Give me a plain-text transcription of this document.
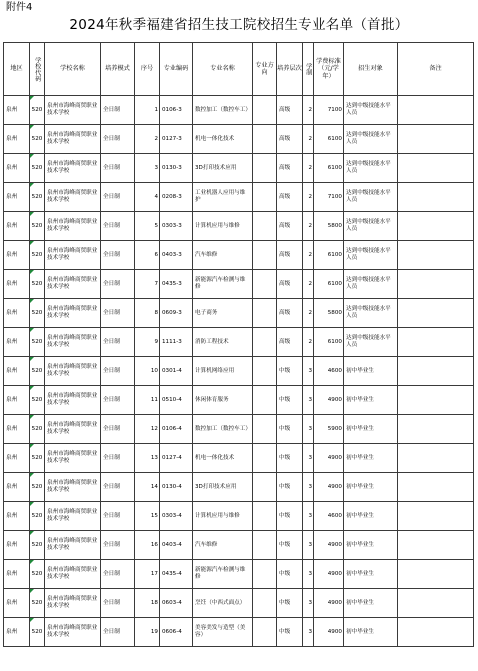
附件4
2024年秋季福建省招生技工院校招生专业名单（首批）
地区	学校代码	学校名称	培养模式	序号	专业编码	专业名称	专业方向	培养层次	学制	学费标准（元/学年）	招生对象	备注
泉州	520	泉州市海峰商贸职业技术学校	全日制	1	0106-3	数控加工（数控车工）		高级	2	7100	达到中级技能水平人员	
泉州	520	泉州市海峰商贸职业技术学校	全日制	2	0127-3	机电一体化技术		高级	2	6100	达到中级技能水平人员	
泉州	520	泉州市海峰商贸职业技术学校	全日制	3	0130-3	3D打印技术应用		高级	2	6100	达到中级技能水平人员	
泉州	520	泉州市海峰商贸职业技术学校	全日制	4	0208-3	工业机器人应用与维护		高级	2	7100	达到中级技能水平人员	
泉州	520	泉州市海峰商贸职业技术学校	全日制	5	0303-3	计算机应用与维修		高级	2	5800	达到中级技能水平人员	
泉州	520	泉州市海峰商贸职业技术学校	全日制	6	0403-3	汽车维修		高级	2	6100	达到中级技能水平人员	
泉州	520	泉州市海峰商贸职业技术学校	全日制	7	0435-3	新能源汽车检测与维修		高级	2	6100	达到中级技能水平人员	
泉州	520	泉州市海峰商贸职业技术学校	全日制	8	0609-3	电子商务		高级	2	5800	达到中级技能水平人员	
泉州	520	泉州市海峰商贸职业技术学校	全日制	9	1111-3	消防工程技术		高级	2	6100	达到中级技能水平人员	
泉州	520	泉州市海峰商贸职业技术学校	全日制	10	0301-4	计算机网络应用		中级	3	4600	初中毕业生	
泉州	520	泉州市海峰商贸职业技术学校	全日制	11	0510-4	休闲体育服务		中级	3	4900	初中毕业生	
泉州	520	泉州市海峰商贸职业技术学校	全日制	12	0106-4	数控加工（数控车工）		中级	3	5900	初中毕业生	
泉州	520	泉州市海峰商贸职业技术学校	全日制	13	0127-4	机电一体化技术		中级	3	4900	初中毕业生	
泉州	520	泉州市海峰商贸职业技术学校	全日制	14	0130-4	3D打印技术应用		中级	3	4900	初中毕业生	
泉州	520	泉州市海峰商贸职业技术学校	全日制	15	0303-4	计算机应用与维修		中级	3	4600	初中毕业生	
泉州	520	泉州市海峰商贸职业技术学校	全日制	16	0403-4	汽车维修		中级	3	4900	初中毕业生	
泉州	520	泉州市海峰商贸职业技术学校	全日制	17	0435-4	新能源汽车检测与维修		中级	3	4900	初中毕业生	
泉州	520	泉州市海峰商贸职业技术学校	全日制	18	0603-4	烹饪（中西式面点）		中级	3	4900	初中毕业生	
泉州	520	泉州市海峰商贸职业技术学校	全日制	19	0606-4	美容美发与造型（美容）		中级	3	4900	初中毕业生	
